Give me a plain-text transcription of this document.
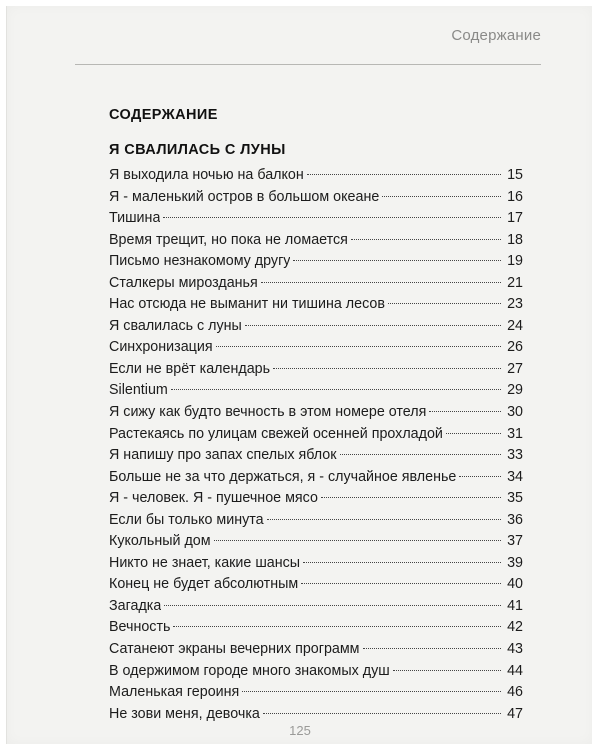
Содержание
СОДЕРЖАНИЕ
Я СВАЛИЛАСЬ С ЛУНЫ
Я выходила ночью на балкон	15
Я - маленький остров в большом океане	16
Тишина	17
Время трещит, но пока не ломается	18
Письмо незнакомому другу	19
Сталкеры мирозданья	21
Нас отсюда не выманит ни тишина лесов	23
Я свалилась с луны	24
Синхронизация	26
Если не врёт календарь	27
Silentium	29
Я сижу как будто вечность в этом номере отеля	30
Растекаясь по улицам свежей осенней прохладой	31
Я напишу про запах спелых яблок	33
Больше не за что держаться, я - случайное явленье	34
Я - человек. Я - пушечное мясо	35
Если бы только минута	36
Кукольный дом	37
Никто не знает, какие шансы	39
Конец не будет абсолютным	40
Загадка	41
Вечность	42
Сатанеют экраны вечерних программ	43
В одержимом городе много знакомых душ	44
Маленькая героиня	46
Не зови меня, девочка	47
125
